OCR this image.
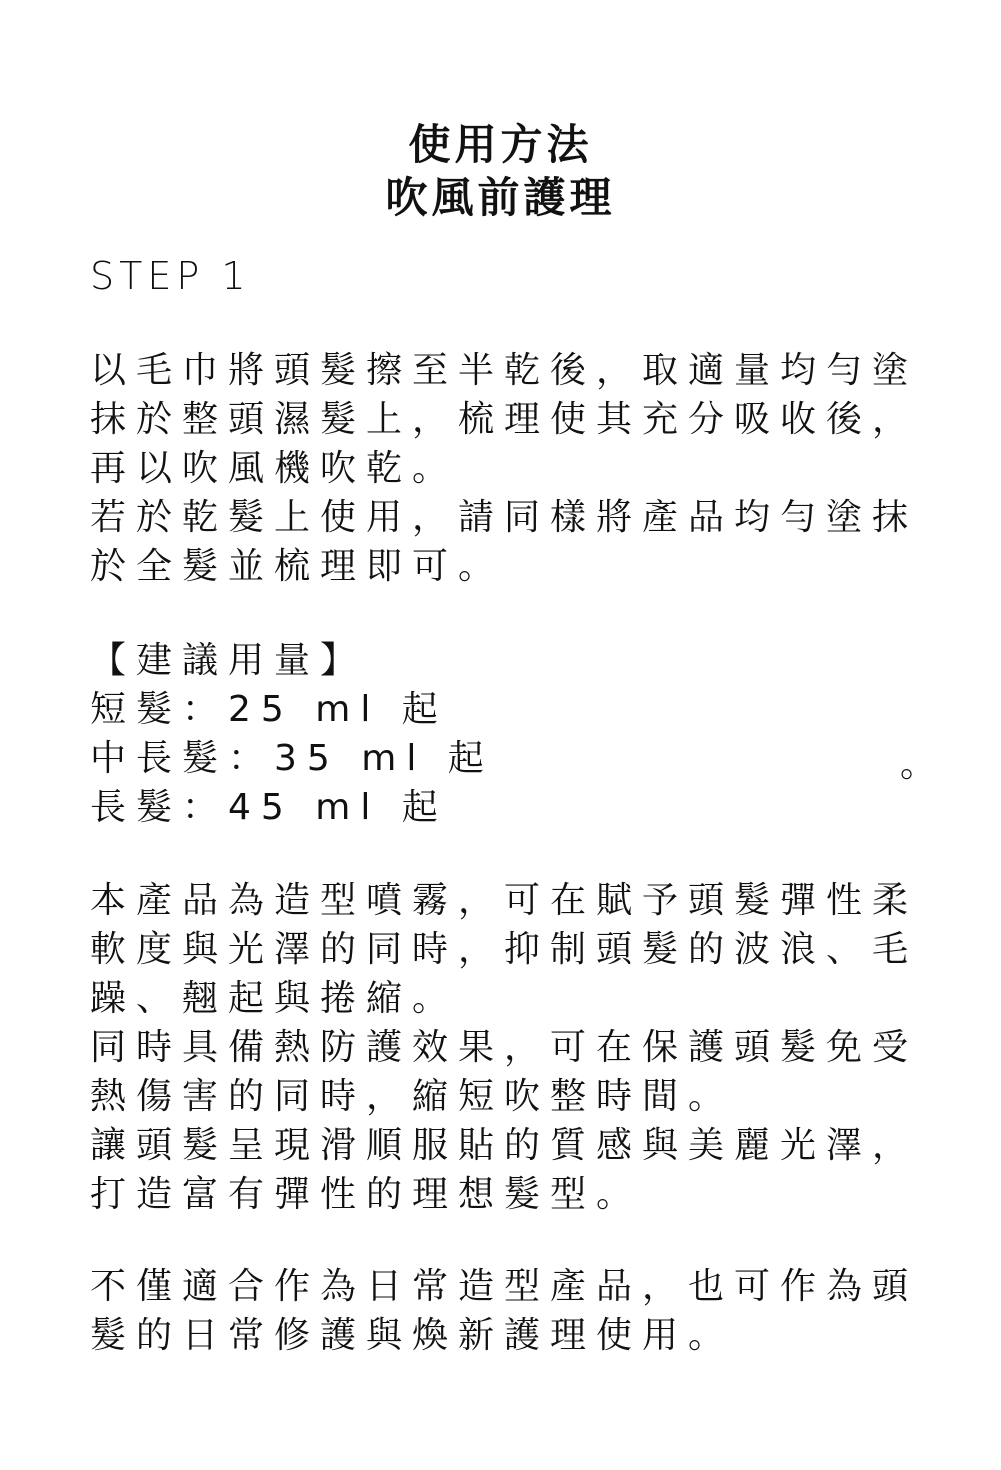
使用方法
吹風前護理
STEP 1
以毛巾將頭髮擦至半乾後，取適量均勻塗
抹於整頭濕髮上，梳理使其充分吸收後，
再以吹風機吹乾。
若於乾髮上使用，請同樣將產品均勻塗抹
於全髮並梳理即可。
【建議用量】
短髮：25 ml 起
中長髮：35 ml 起
長髮：45 ml 起
。
本產品為造型噴霧，可在賦予頭髮彈性柔
軟度與光澤的同時，抑制頭髮的波浪、毛
躁、翹起與捲縮。
同時具備熱防護效果，可在保護頭髮免受
熱傷害的同時，縮短吹整時間。
讓頭髮呈現滑順服貼的質感與美麗光澤，
打造富有彈性的理想髮型。
不僅適合作為日常造型產品，也可作為頭
髮的日常修護與煥新護理使用。
